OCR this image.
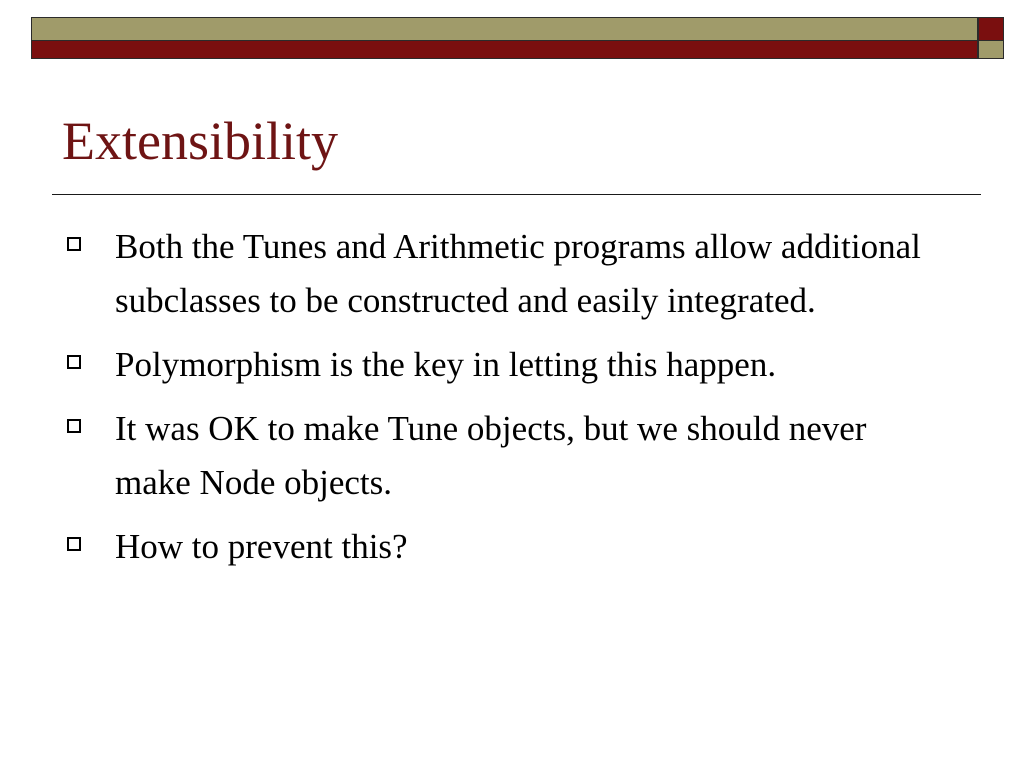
Extensibility
Both the Tunes and Arithmetic programs allow additional subclasses to be constructed and easily integrated.
Polymorphism is the key in letting this happen.
It was OK to make Tune objects, but we should never make Node objects.
How to prevent this?
